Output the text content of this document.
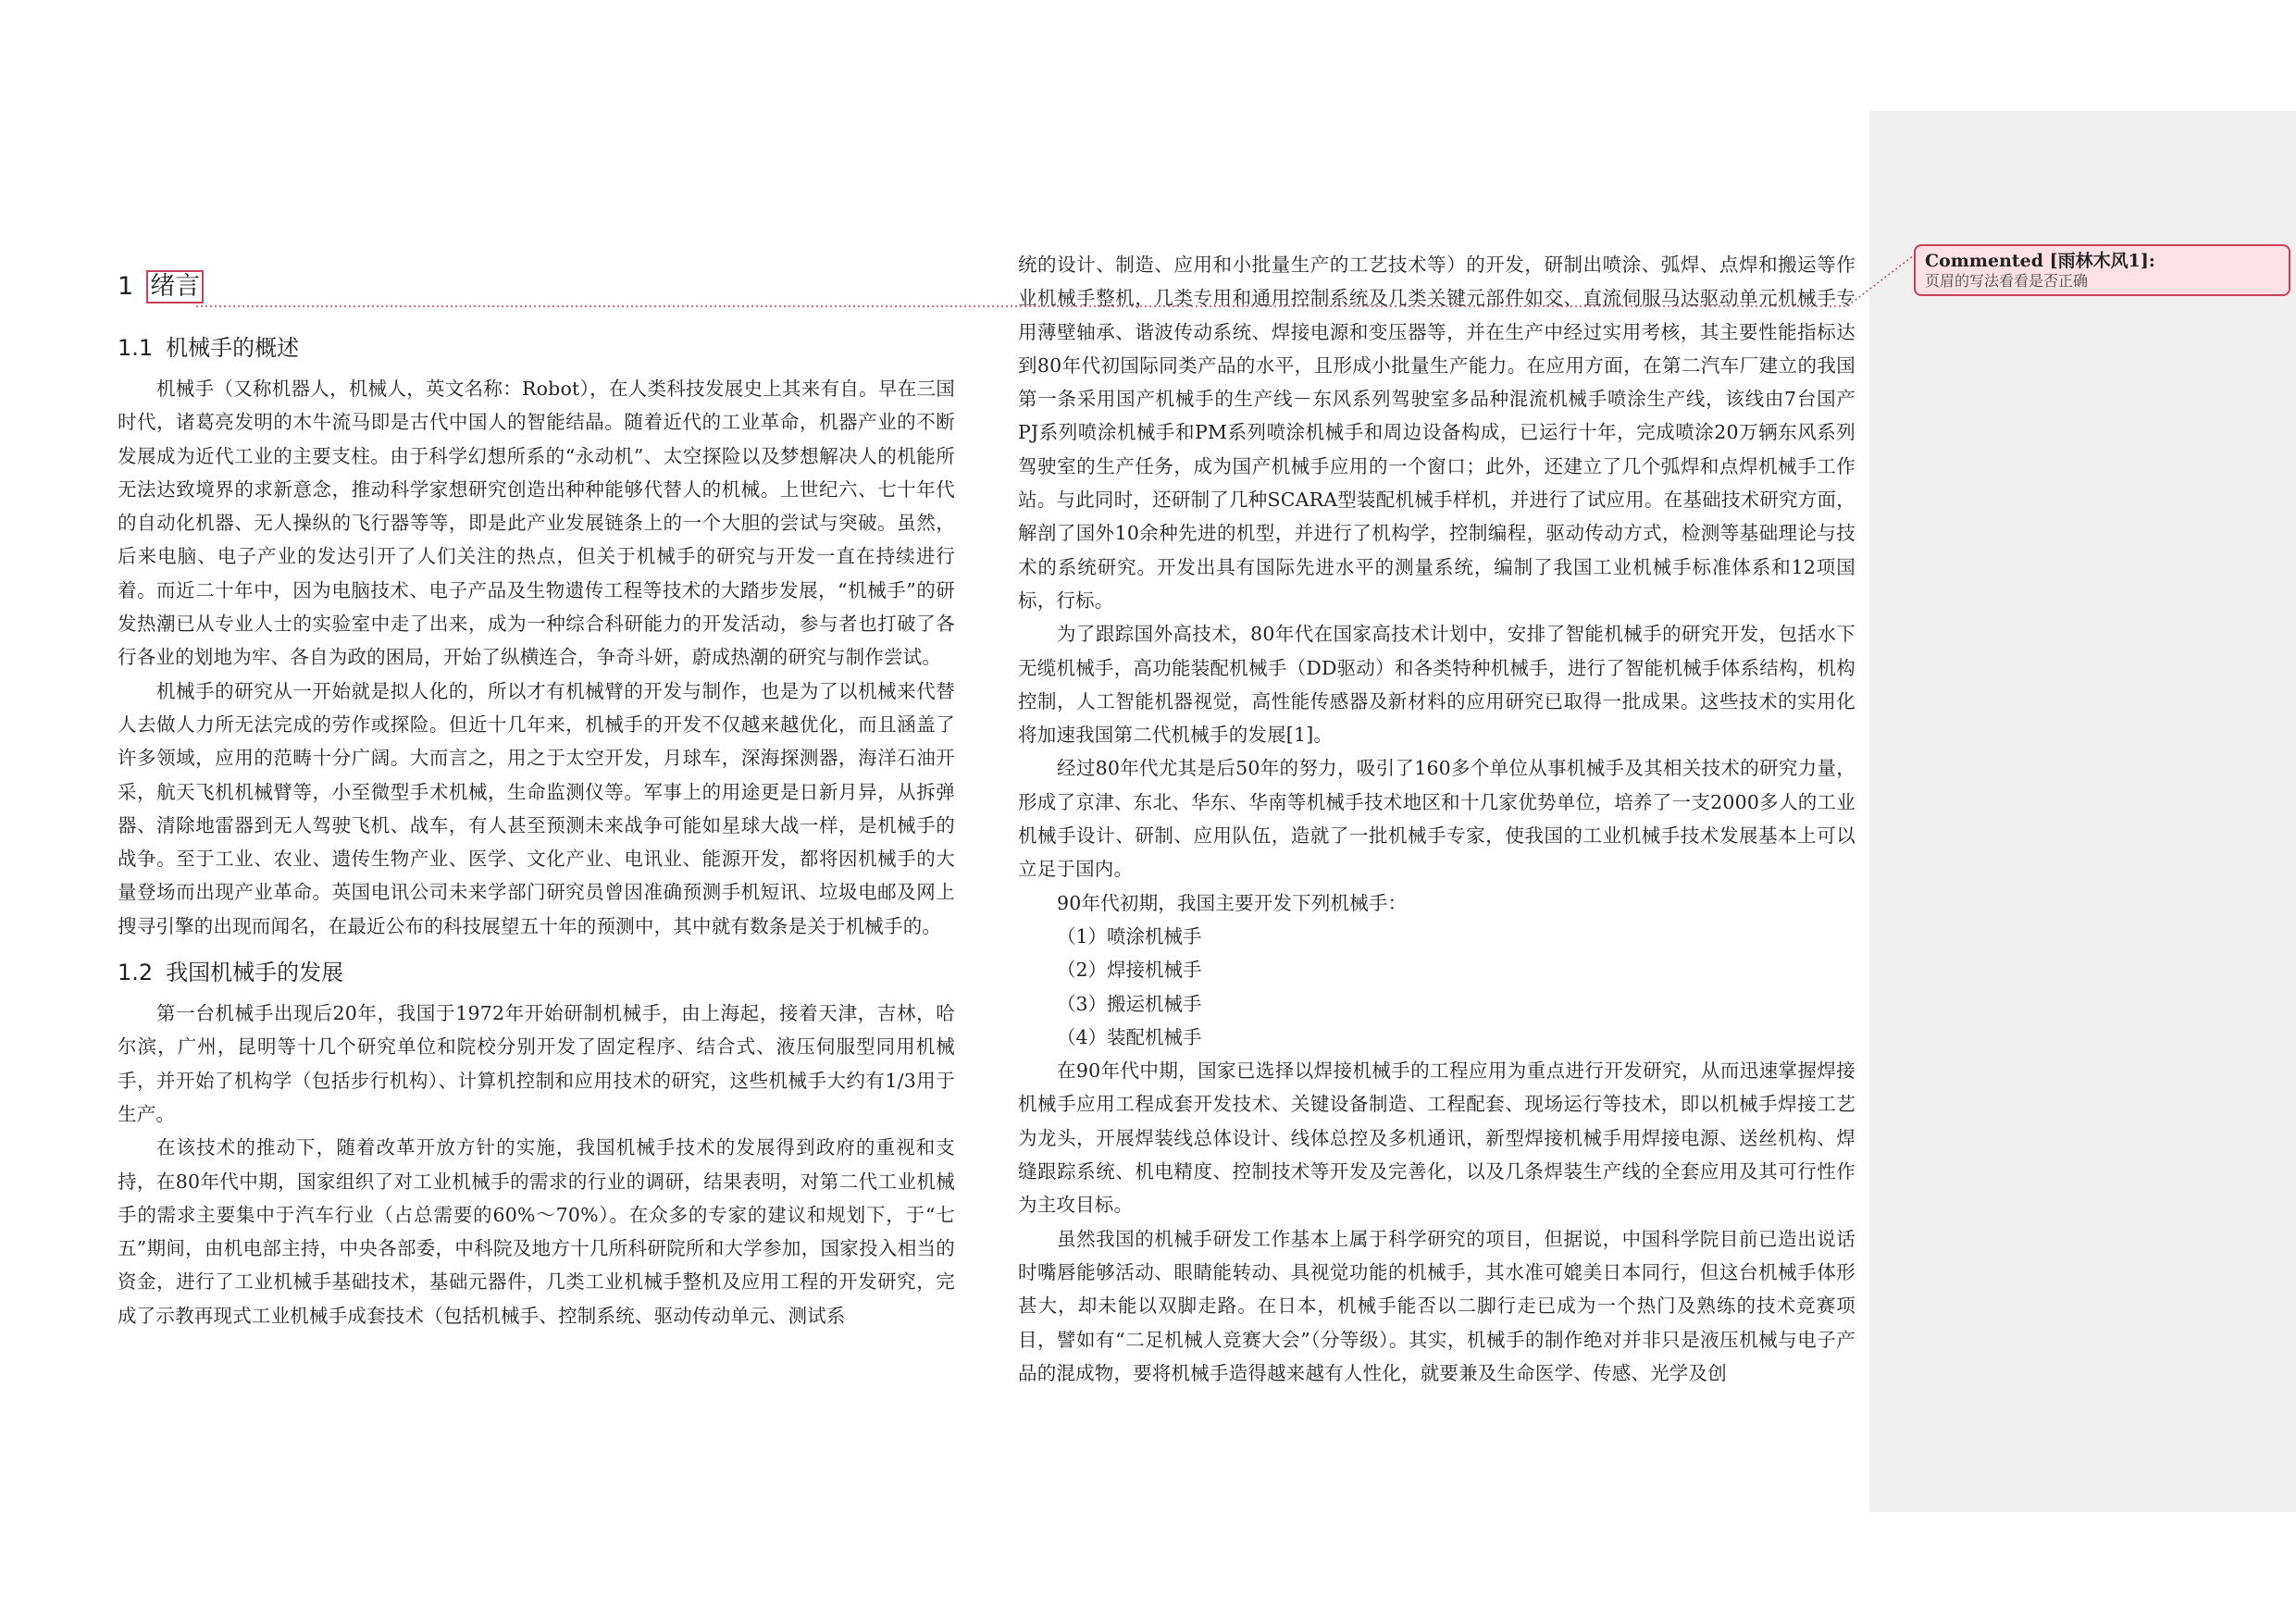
1 绪言
1.1 机械手的概述

机械手（又称机器人，机械人，英文名称：Robot），在人类科技发展史上其来有自。早在三国时代，诸葛亮发明的木牛流马即是古代中国人的智能结晶。随着近代的工业革命，机器产业的不断发展成为近代工业的主要支柱。由于科学幻想所系的“永动机”、太空探险以及梦想解决人的机能所无法达致境界的求新意念，推动科学家想研究创造出种种能够代替人的机械。上世纪六、七十年代的自动化机器、无人操纵的飞行器等等，即是此产业发展链条上的一个大胆的尝试与突破。虽然，后来电脑、电子产业的发达引开了人们关注的热点，但关于机械手的研究与开发一直在持续进行着。而近二十年中，因为电脑技术、电子产品及生物遗传工程等技术的大踏步发展，“机械手”的研发热潮已从专业人士的实验室中走了出来，成为一种综合科研能力的开发活动，参与者也打破了各行各业的划地为牢、各自为政的困局，开始了纵横连合，争奇斗妍，蔚成热潮的研究与制作尝试。

机械手的研究从一开始就是拟人化的，所以才有机械臂的开发与制作，也是为了以机械来代替人去做人力所无法完成的劳作或探险。但近十几年来，机械手的开发不仅越来越优化，而且涵盖了许多领域，应用的范畴十分广阔。大而言之，用之于太空开发，月球车，深海探测器，海洋石油开采，航天飞机机械臂等，小至微型手术机械，生命监测仪等。军事上的用途更是日新月异，从拆弹器、清除地雷器到无人驾驶飞机、战车，有人甚至预测未来战争可能如星球大战一样，是机械手的战争。至于工业、农业、遗传生物产业、医学、文化产业、电讯业、能源开发，都将因机械手的大量登场而出现产业革命。英国电讯公司未来学部门研究员曾因准确预测手机短讯、垃圾电邮及网上搜寻引擎的出现而闻名，在最近公布的科技展望五十年的预测中，其中就有数条是关于机械手的。

1.2 我国机械手的发展

第一台机械手出现后20年，我国于1972年开始研制机械手，由上海起，接着天津，吉林，哈尔滨，广州，昆明等十几个研究单位和院校分别开发了固定程序、结合式、液压伺服型同用机械手，并开始了机构学（包括步行机构）、计算机控制和应用技术的研究，这些机械手大约有1/3用于生产。

在该技术的推动下，随着改革开放方针的实施，我国机械手技术的发展得到政府的重视和支持，在80年代中期，国家组织了对工业机械手的需求的行业的调研，结果表明，对第二代工业机械手的需求主要集中于汽车行业（占总需要的60%～70%）。在众多的专家的建议和规划下，于“七五”期间，由机电部主持，中央各部委，中科院及地方十几所科研院所和大学参加，国家投入相当的资金，进行了工业机械手基础技术，基础元器件，几类工业机械手整机及应用工程的开发研究，完成了示教再现式工业机械手成套技术（包括机械手、控制系统、驱动传动单元、测试系

统的设计、制造、应用和小批量生产的工艺技术等）的开发，研制出喷涂、弧焊、点焊和搬运等作业机械手整机，几类专用和通用控制系统及几类关键元部件如交、直流伺服马达驱动单元机械手专用薄壁轴承、谐波传动系统、焊接电源和变压器等，并在生产中经过实用考核，其主要性能指标达到80年代初国际同类产品的水平，且形成小批量生产能力。在应用方面，在第二汽车厂建立的我国第一条采用国产机械手的生产线－东风系列驾驶室多品种混流机械手喷涂生产线，该线由7台国产PJ系列喷涂机械手和PM系列喷涂机械手和周边设备构成，已运行十年，完成喷涂20万辆东风系列驾驶室的生产任务，成为国产机械手应用的一个窗口；此外，还建立了几个弧焊和点焊机械手工作站。与此同时，还研制了几种SCARA型装配机械手样机，并进行了试应用。在基础技术研究方面，解剖了国外10余种先进的机型，并进行了机构学，控制编程，驱动传动方式，检测等基础理论与技术的系统研究。开发出具有国际先进水平的测量系统，编制了我国工业机械手标准体系和12项国标，行标。

为了跟踪国外高技术，80年代在国家高技术计划中，安排了智能机械手的研究开发，包括水下无缆机械手，高功能装配机械手（DD驱动）和各类特种机械手，进行了智能机械手体系结构，机构控制，人工智能机器视觉，高性能传感器及新材料的应用研究已取得一批成果。这些技术的实用化将加速我国第二代机械手的发展[1]。

经过80年代尤其是后50年的努力，吸引了160多个单位从事机械手及其相关技术的研究力量，形成了京津、东北、华东、华南等机械手技术地区和十几家优势单位，培养了一支2000多人的工业机械手设计、研制、应用队伍，造就了一批机械手专家，使我国的工业机械手技术发展基本上可以立足于国内。

90年代初期，我国主要开发下列机械手：

（1）喷涂机械手

（2）焊接机械手

（3）搬运机械手

（4）装配机械手

在90年代中期，国家已选择以焊接机械手的工程应用为重点进行开发研究，从而迅速掌握焊接机械手应用工程成套开发技术、关键设备制造、工程配套、现场运行等技术，即以机械手焊接工艺为龙头，开展焊装线总体设计、线体总控及多机通讯，新型焊接机械手用焊接电源、送丝机构、焊缝跟踪系统、机电精度、控制技术等开发及完善化，以及几条焊装生产线的全套应用及其可行性作为主攻目标。

虽然我国的机械手研发工作基本上属于科学研究的项目，但据说，中国科学院目前已造出说话时嘴唇能够活动、眼睛能转动、具视觉功能的机械手，其水准可媲美日本同行，但这台机械手体形甚大，却未能以双脚走路。在日本，机械手能否以二脚行走已成为一个热门及熟练的技术竞赛项目，譬如有“二足机械人竞赛大会”（分等级）。其实，机械手的制作绝对并非只是液压机械与电子产品的混成物，要将机械手造得越来越有人性化，就要兼及生命医学、传感、光学及创

Commented [雨林木风1]:
页眉的写法看看是否正确
